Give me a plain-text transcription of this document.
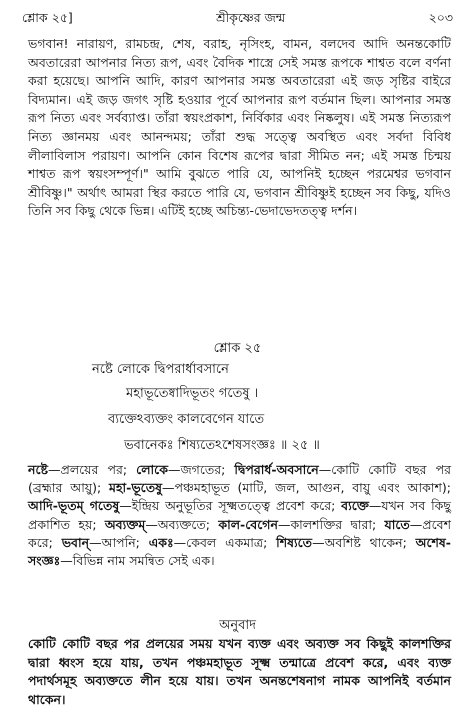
শ্লোক ২৫]	শ্রীকৃষ্ণের জন্ম	২০৩

ভগবান! নারায়ণ, রামচন্দ্র, শেষ, বরাহ, নৃসিংহ, বামন, বলদেব আদি অনন্তকোটি অবতারেরা আপনার নিত্য রূপ, এবং বৈদিক শাস্ত্রে সেই সমস্ত রূপকে শাশ্বত বলে বর্ণনা করা হয়েছে। আপনি আদি, কারণ আপনার সমস্ত অবতারেরা এই জড় সৃষ্টির বাইরে বিদ্যমান। এই জড় জগৎ সৃষ্টি হওয়ার পূর্বে আপনার রূপ বর্তমান ছিল। আপনার সমস্ত রূপ নিত্য এবং সর্বব্যাপ্ত। তাঁরা স্বয়ংপ্রকাশ, নির্বিকার এবং নিষ্কলুষ। এই সমস্ত নিত্যরূপ নিত্য জ্ঞানময় এবং আনন্দময়; তাঁরা শুদ্ধ সত্ত্বে অবস্থিত এবং সর্বদা বিবিধ লীলাবিলাস পরায়ণ। আপনি কোন বিশেষ রূপের দ্বারা সীমিত নন; এই সমস্ত চিন্ময় শাশ্বত রূপ স্বয়ংসম্পূর্ণ।" আমি বুঝতে পারি যে, আপনিই হচ্ছেন পরমেশ্বর ভগবান শ্রীবিষ্ণু।" অর্থাৎ আমরা স্থির করতে পারি যে, ভগবান শ্রীবিষ্ণুই হচ্ছেন সব কিছু, যদিও তিনি সব কিছু থেকে ভিন্ন। এটিই হচ্ছে অচিন্ত্য-ভেদাভেদতত্ত্ব দর্শন।

শ্লোক ২৫
নষ্টে লোকে দ্বিপরার্ধাবসানে
মহাভূতেষ্বাদিভূতং গতেষু ।
ব্যক্তেঽব্যক্তং কালবেগেন যাতে
ভবানেকঃ শিষ্যতেঽশেষসংজ্ঞঃ ॥ ২৫ ॥

নষ্টে—প্রলয়ের পর; লোকে—জগতের; দ্বিপরার্ধ-অবসানে—কোটি কোটি বছর পর (ব্রহ্মার আয়ু); মহা-ভূতেষু—পঞ্চমহাভূত (মাটি, জল, আগুন, বায়ু এবং আকাশ); আদি-ভূতম্ গতেষু—ইন্দ্রিয় অনুভূতির সূক্ষ্মতত্ত্বে প্রবেশ করে; ব্যক্তে—যখন সব কিছু প্রকাশিত হয়; অব্যক্তম্—অব্যক্ততে; কাল-বেগেন—কালশক্তির দ্বারা; যাতে—প্রবেশ করে; ভবান্—আপনি; একঃ—কেবল একমাত্র; শিষ্যতে—অবশিষ্ট থাকেন; অশেষ-সংজ্ঞঃ—বিভিন্ন নাম সমন্বিত সেই এক।

অনুবাদ

কোটি কোটি বছর পর প্রলয়ের সময় যখন ব্যক্ত এবং অব্যক্ত সব কিছুই কালশক্তির দ্বারা ধ্বংস হয়ে যায়, তখন পঞ্চমহাভূত সূক্ষ্ম তন্মাত্রে প্রবেশ করে, এবং ব্যক্ত পদার্থসমূহ অব্যক্ততে লীন হয়ে যায়। তখন অনন্তশেষনাগ নামক আপনিই বর্তমান থাকেন।
